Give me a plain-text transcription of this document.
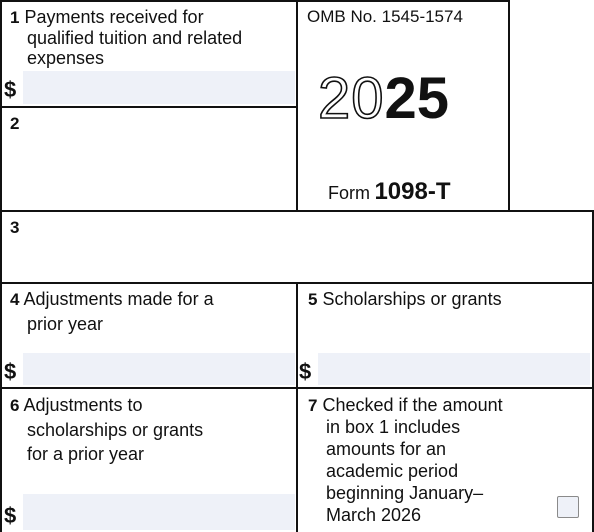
1 Payments received for
qualified tuition and related
expenses
$
2
OMB No. 1545-1574
2025
Form 1098-T
3
4 Adjustments made for a
prior year
$
5 Scholarships or grants
$
6 Adjustments to
scholarships or grants
for a prior year
$
7 Checked if the amount
in box 1 includes
amounts for an
academic period
beginning January–
March 2026
